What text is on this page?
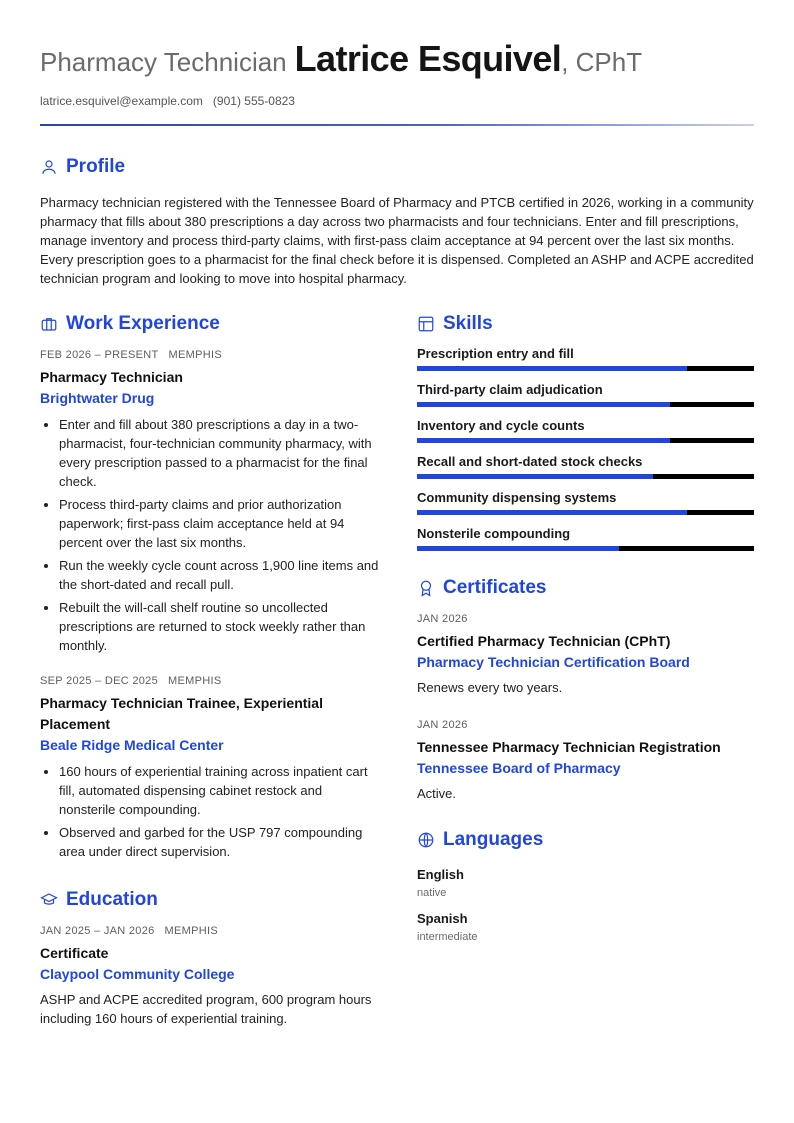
Pharmacy Technician Latrice Esquivel , CPhT
latrice.esquivel@example.com (901) 555-0823
Profile

Pharmacy technician registered with the Tennessee Board of Pharmacy and PTCB certified in 2026, working in a community pharmacy that fills about 380 prescriptions a day across two pharmacists and four technicians. Enter and fill prescriptions, manage inventory and process third-party claims, with first-pass claim acceptance at 94 percent over the last six months. Every prescription goes to a pharmacist for the final check before it is dispensed. Completed an ASHP and ACPE accredited technician program and looking to move into hospital pharmacy.

Work Experience
FEB 2026 – PRESENT MEMPHIS
Pharmacy Technician
Brightwater Drug
• Enter and fill about 380 prescriptions a day in a two-pharmacist, four-technician community pharmacy, with every prescription passed to a pharmacist for the final check.
• Process third-party claims and prior authorization paperwork; first-pass claim acceptance held at 94 percent over the last six months.
• Run the weekly cycle count across 1,900 line items and the short-dated and recall pull.
• Rebuilt the will-call shelf routine so uncollected prescriptions are returned to stock weekly rather than monthly.
SEP 2025 – DEC 2025 MEMPHIS
Pharmacy Technician Trainee, Experiential Placement
Beale Ridge Medical Center
• 160 hours of experiential training across inpatient cart fill, automated dispensing cabinet restock and nonsterile compounding.
• Observed and garbed for the USP 797 compounding area under direct supervision.
Education
JAN 2025 – JAN 2026 MEMPHIS
Certificate
Claypool Community College

ASHP and ACPE accredited program, 600 program hours including 160 hours of experiential training.

Skills
Prescription entry and fill
Third-party claim adjudication
Inventory and cycle counts
Recall and short-dated stock checks
Community dispensing systems
Nonsterile compounding
Certificates
JAN 2026
Certified Pharmacy Technician (CPhT)
Pharmacy Technician Certification Board

Renews every two years.

JAN 2026
Tennessee Pharmacy Technician Registration
Tennessee Board of Pharmacy

Active.

Languages
English
native
Spanish
intermediate
